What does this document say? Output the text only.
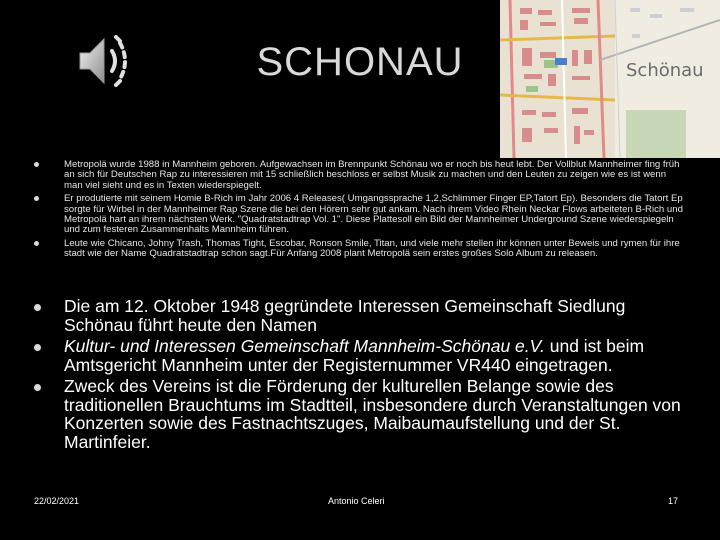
SCHONAU	Schönau
Metropolä wurde 1988 in Mannheim geboren. Aufgewachsen im Brennpunkt Schönau wo er noch bis heut lebt. Der Vollblut Mannheimer fing früh an sich für Deutschen Rap zu interessieren mit 15 schließlich beschloss er selbst Musik zu machen und den Leuten zu zeigen wie es ist wenn man viel sieht und es in Texten wiederspiegelt.
Er produtierte mit seinem Homie B-Rich im Jahr 2006 4 Releases( Umgangssprache 1,2,Schlimmer Finger EP,Tatort Ep). Besonders die Tatort Ep sorgte für Wirbel in der Mannheimer Rap Szene die bei den Hörern sehr gut ankam. Nach ihrem Video Rhein Neckar Flows arbeiteten B-Rich und Metropolä hart an ihrem nächsten Werk. "Quadratstadtrap Vol. 1". Diese Plattesoll ein Bild der Mannheimer Underground Szene wiederspiegeln und zum festeren Zusammenhalts Mannheim führen.
Leute wie Chicano, Johny Trash, Thomas Tight, Escobar, Ronson Smile, Titan, und viele mehr stellen ihr können unter Beweis und rymen für ihre stadt wie der Name Quadratstadtrap schon sagt.Für Anfang 2008 plant Metropolä sein erstes großes Solo Album zu releasen.
Die am 12. Oktober 1948 gegründete Interessen Gemeinschaft Siedlung Schönau führt heute den Namen
Kultur- und Interessen Gemeinschaft Mannheim-Schönau e.V. und ist beim Amtsgericht Mannheim unter der Registernummer VR440 eingetragen.
Zweck des Vereins ist die Förderung der kulturellen Belange sowie des traditionellen Brauchtums im Stadtteil, insbesondere durch Veranstaltungen von Konzerten sowie des Fastnachtszuges, Maibaumaufstellung und der St. Martinfeier.
22/02/2021	Antonio Celeri	17
